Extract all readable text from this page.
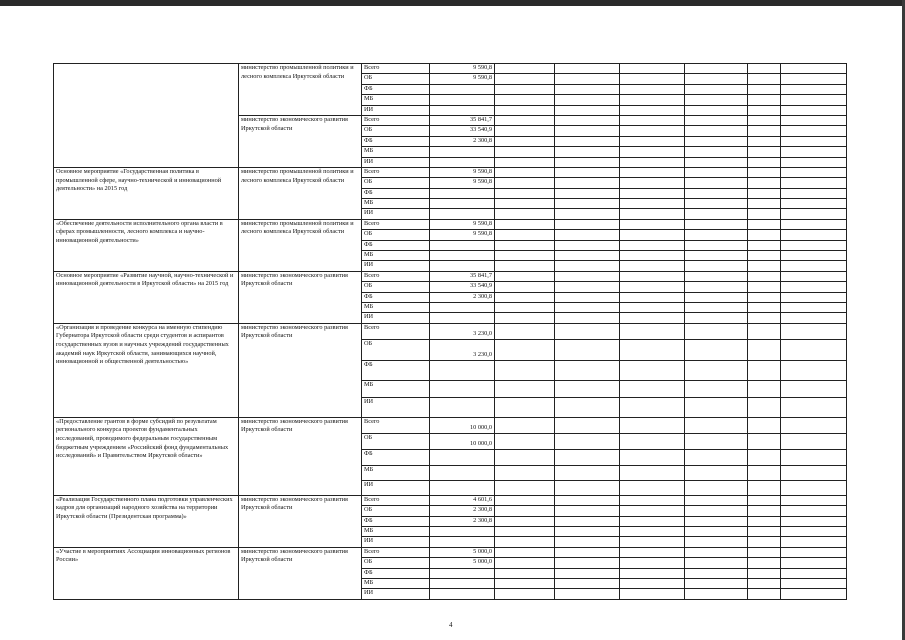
	министерство промышленной политики и лесного комплекса Иркутской области	Всего	9 590,8						
		ОБ	9 590,8						
		ФБ							
		МБ							
		ИИ							
	министерство экономического развития Иркутской области	Всего	35 841,7						
		ОБ	33 540,9						
		ФБ	2 300,8						
		МБ							
		ИИ							
Основное мероприятие «Государственная политика в промышленной сфере, научно-технической и инновационной деятельности» на 2015 год	министерство промышленной политики и лесного комплекса Иркутской области	Всего	9 590,8						
		ОБ	9 590,8						
		ФБ							
		МБ							
		ИИ							
«Обеспечение деятельности исполнительного органа власти в сферах промышленности, лесного комплекса и научно-инновационной деятельности»	министерство промышленной политики и лесного комплекса Иркутской области	Всего	9 590,8						
		ОБ	9 590,8						
		ФБ							
		МБ							
		ИИ							
Основное мероприятие «Развитие научной, научно-технической и инновационной деятельности в Иркутской области» на 2015 год	министерство экономического развития Иркутской области	Всего	35 841,7						
		ОБ	33 540,9						
		ФБ	2 300,8						
		МБ							
		ИИ							
«Организация и проведение конкурса на именную стипендию Губернатора Иркутской области среди студентов и аспирантов государственных вузов и научных учреждений государственных академий наук Иркутской области, занимающихся научной, инновационной и общественной деятельностью»	министерство экономического развития Иркутской области	Всего	3 230,0						
		ОБ	3 230,0						
		ФБ							
		МБ							
		ИИ							
«Предоставление грантов в форме субсидий по результатам регионального конкурса проектов фундаментальных исследований, проводимого федеральным государственным бюджетным учреждением «Российский фонд фундаментальных исследований» и Правительством Иркутской области»	министерство экономического развития Иркутской области	Всего	10 000,0						
		ОБ	10 000,0						
		ФБ							
		МБ							
		ИИ							
«Реализация Государственного плана подготовки управленческих кадров для организаций народного хозяйства на территории Иркутской области (Президентская программа)»	министерство экономического развития Иркутской области	Всего	4 601,6						
		ОБ	2 300,8						
		ФБ	2 300,8						
		МБ							
		ИИ							
«Участие в мероприятиях Ассоциации инновационных регионов России»	министерство экономического развития Иркутской области	Всего	5 000,0						
		ОБ	5 000,0						
		ФБ							
		МБ							
		ИИ							
4
